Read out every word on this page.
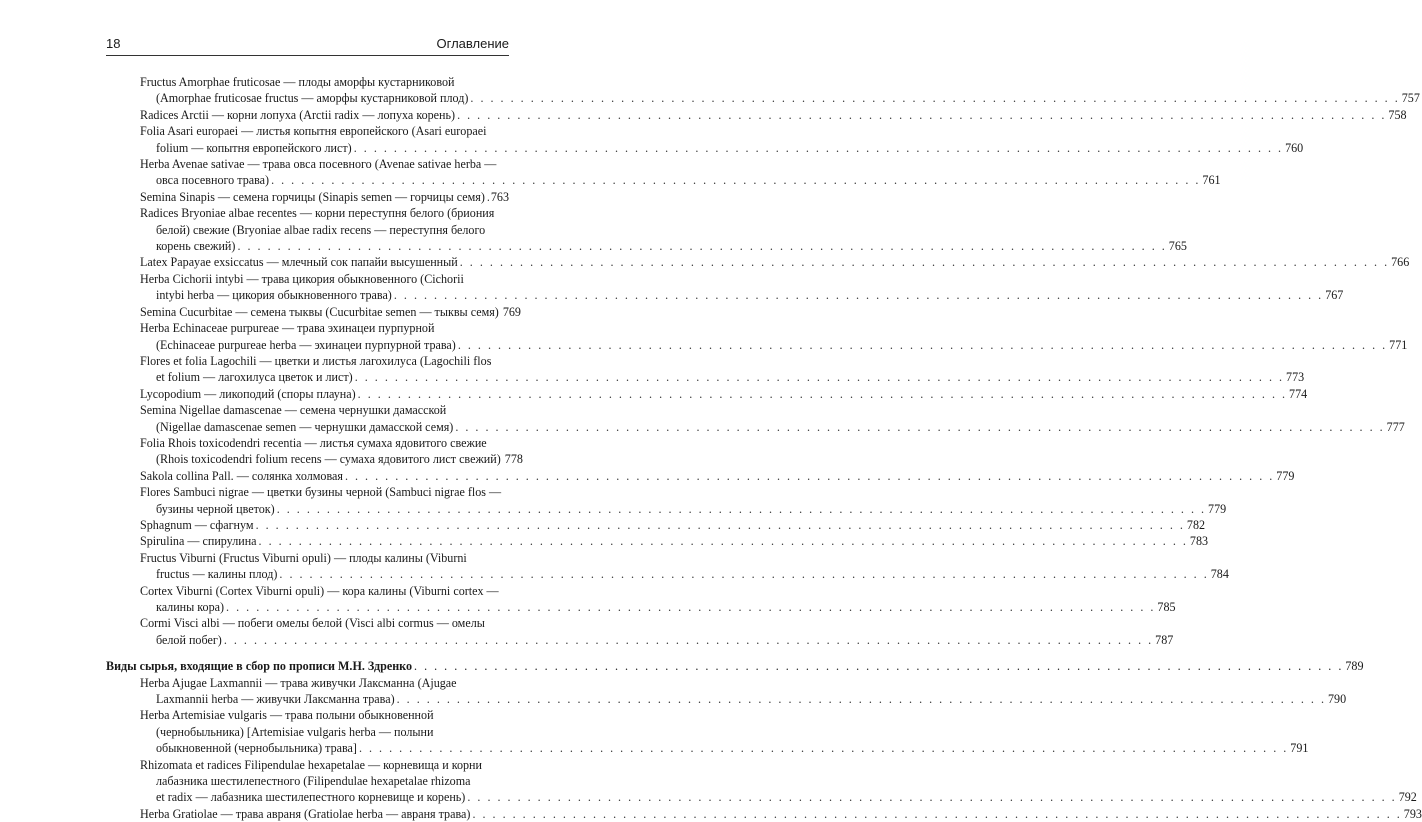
18	Оглавление
Fructus Amorphae fruticosae — плоды аморфы кустарниковой
(Amorphae fruticosae fructus — аморфы кустарниковой плод) . . . . . . . . . . . . . . . . . . . . . . . . . . . . . . . . . . . . . . . . . . . . . . . . . . . . . . . . . . . . . . . . . . . . . . . . . . . . . . . . . . . . . . . . . . . . . 757
Radices Arctii — корни лопуха (Arctii radix — лопуха корень) . . . . . . . . . . . . . . . . . . . . . . . . . . . . . . . . . . . . . . . . . . . . . . . . . . . . . . . . . . . . . . . . . . . . . . . . . . . . . . . . . . . . . . . . . . . . . 758
Folia Asari europaei — листья копытня европейского (Asari europaei
folium — копытня европейского лист) . . . . . . . . . . . . . . . . . . . . . . . . . . . . . . . . . . . . . . . . . . . . . . . . . . . . . . . . . . . . . . . . . . . . . . . . . . . . . . . . . . . . . . . . . . . . . 760
Herba Avenae sativae — трава овса посевного (Avenae sativae herba —
овса посевного трава) . . . . . . . . . . . . . . . . . . . . . . . . . . . . . . . . . . . . . . . . . . . . . . . . . . . . . . . . . . . . . . . . . . . . . . . . . . . . . . . . . . . . . . . . . . . . . 761
Semina Sinapis — семена горчицы (Sinapis semen — горчицы семя) 763
Radices Bryoniae albae recentes — корни переступня белого (бриония
белой) свежие (Bryoniae albae radix recens — переступня белого
корень свежий) . . . . . . . . . . . . . . . . . . . . . . . . . . . . . . . . . . . . . . . . . . . . . . . . . . . . . . . . . . . . . . . . . . . . . . . . . . . . . . . . . . . . . . . . . . . . . 765
Latex Papayae exsiccatus — млечный сок папайи высушенный . . . . . . . . . . . . . . . . . . . . . . . . . . . . . . . . . . . . . . . . . . . . . . . . . . . . . . . . . . . . . . . . . . . . . . . . . . . . . . . . . . . . . . . . . . . . . 766
Herba Cichorii intybi — трава цикория обыкновенного (Cichorii
intybi herba — цикория обыкновенного трава) . . . . . . . . . . . . . . . . . . . . . . . . . . . . . . . . . . . . . . . . . . . . . . . . . . . . . . . . . . . . . . . . . . . . . . . . . . . . . . . . . . . . . . . . . . . . . 767
Semina Cucurbitae — семена тыквы (Cucurbitae semen — тыквы семя) 769
Herba Echinaceae purpureae — трава эхинацеи пурпурной
(Echinaceae purpureae herba — эхинацеи пурпурной трава) . . . . . . . . . . . . . . . . . . . . . . . . . . . . . . . . . . . . . . . . . . . . . . . . . . . . . . . . . . . . . . . . . . . . . . . . . . . . . . . . . . . . . . . . . . . . . 771
Flores et folia Lagochili — цветки и листья лагохилуса (Lagochili flos
et folium — лагохилуса цветок и лист) . . . . . . . . . . . . . . . . . . . . . . . . . . . . . . . . . . . . . . . . . . . . . . . . . . . . . . . . . . . . . . . . . . . . . . . . . . . . . . . . . . . . . . . . . . . . . 773
Lycopodium — ликоподий (споры плауна) . . . . . . . . . . . . . . . . . . . . . . . . . . . . . . . . . . . . . . . . . . . . . . . . . . . . . . . . . . . . . . . . . . . . . . . . . . . . . . . . . . . . . . . . . . . . . 774
Semina Nigellae damascenae — семена чернушки дамасской
(Nigellae damascenae semen — чернушки дамасской семя) . . . . . . . . . . . . . . . . . . . . . . . . . . . . . . . . . . . . . . . . . . . . . . . . . . . . . . . . . . . . . . . . . . . . . . . . . . . . . . . . . . . . . . . . . . . . . 777
Folia Rhois toxicodendri recentia — листья сумаха ядовитого свежие
(Rhois toxicodendri folium recens — сумаха ядовитого лист свежий) 778
Sakola collina Pall. — солянка холмовая . . . . . . . . . . . . . . . . . . . . . . . . . . . . . . . . . . . . . . . . . . . . . . . . . . . . . . . . . . . . . . . . . . . . . . . . . . . . . . . . . . . . . . . . . . . . . 779
Flores Sambuci nigrae — цветки бузины черной (Sambuci nigrae flos —
бузины черной цветок) . . . . . . . . . . . . . . . . . . . . . . . . . . . . . . . . . . . . . . . . . . . . . . . . . . . . . . . . . . . . . . . . . . . . . . . . . . . . . . . . . . . . . . . . . . . . . 779
Sphagnum — сфагнум . . . . . . . . . . . . . . . . . . . . . . . . . . . . . . . . . . . . . . . . . . . . . . . . . . . . . . . . . . . . . . . . . . . . . . . . . . . . . . . . . . . . . . . . . . . . . 782
Spirulina — спирулина . . . . . . . . . . . . . . . . . . . . . . . . . . . . . . . . . . . . . . . . . . . . . . . . . . . . . . . . . . . . . . . . . . . . . . . . . . . . . . . . . . . . . . . . . . . . . 783
Fructus Viburni (Fructus Viburni opuli) — плоды калины (Viburni
fructus — калины плод) . . . . . . . . . . . . . . . . . . . . . . . . . . . . . . . . . . . . . . . . . . . . . . . . . . . . . . . . . . . . . . . . . . . . . . . . . . . . . . . . . . . . . . . . . . . . . 784
Cortex Viburni (Cortex Viburni opuli) — кора калины (Viburni cortex —
калины кора) . . . . . . . . . . . . . . . . . . . . . . . . . . . . . . . . . . . . . . . . . . . . . . . . . . . . . . . . . . . . . . . . . . . . . . . . . . . . . . . . . . . . . . . . . . . . . 785
Cormi Visci albi — побеги омелы белой (Visci albi cormus — омелы
белой побег) . . . . . . . . . . . . . . . . . . . . . . . . . . . . . . . . . . . . . . . . . . . . . . . . . . . . . . . . . . . . . . . . . . . . . . . . . . . . . . . . . . . . . . . . . . . . . 787
Виды сырья, входящие в сбор по прописи М.Н. Здренко . . . . . . . . . . . . . . . . . . . . . . . . . . . . . . . . . . . . . . . . . . . . . . . . . . . . . . . . . . . . . . . . . . . . . . . . . . . . . . . . . . . . . . . . . . . . . 789
Herba Ajugae Laxmannii — трава живучки Лаксманна (Ajugae
Laxmannii herba — живучки Лаксманна трава) . . . . . . . . . . . . . . . . . . . . . . . . . . . . . . . . . . . . . . . . . . . . . . . . . . . . . . . . . . . . . . . . . . . . . . . . . . . . . . . . . . . . . . . . . . . . . 790
Herba Artemisiae vulgaris — трава полыни обыкновенной
(чернобыльника) [Artemisiae vulgaris herba — полыни
обыкновенной (чернобыльника) трава] . . . . . . . . . . . . . . . . . . . . . . . . . . . . . . . . . . . . . . . . . . . . . . . . . . . . . . . . . . . . . . . . . . . . . . . . . . . . . . . . . . . . . . . . . . . . . 791
Rhizomata et radices Filipendulae hexapetalae — корневища и корни
лабазника шестилепестного (Filipendulae hexapetalae rhizoma
et radix — лабазника шестилепестного корневище и корень) . . . . . . . . . . . . . . . . . . . . . . . . . . . . . . . . . . . . . . . . . . . . . . . . . . . . . . . . . . . . . . . . . . . . . . . . . . . . . . . . . . . . . . . . . . . . . 792
Herba Gratiolae — трава авраня (Gratiolae herba — авраня трава) . . . . . . . . . . . . . . . . . . . . . . . . . . . . . . . . . . . . . . . . . . . . . . . . . . . . . . . . . . . . . . . . . . . . . . . . . . . . . . . . . . . . . . . . . . . . . 793
